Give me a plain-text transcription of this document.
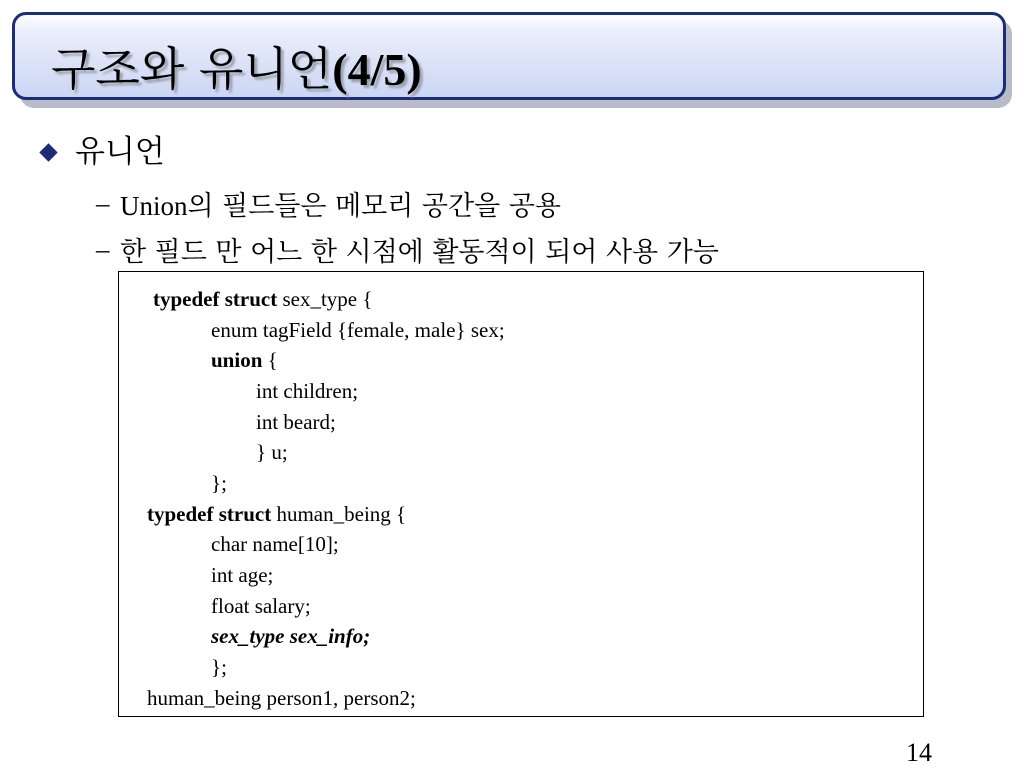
구조와 유니언(4/5)
유니언
– Union의 필드들은 메모리 공간을 공용
– 한 필드 만 어느 한 시점에 활동적이 되어 사용 가능
typedef struct sex_type {
enum tagField {female, male} sex;
union {
int children;
int beard;
} u;
};
typedef struct human_being {
char name[10];
int age;
float salary;
sex_type sex_info;
};
human_being person1, person2;
14
